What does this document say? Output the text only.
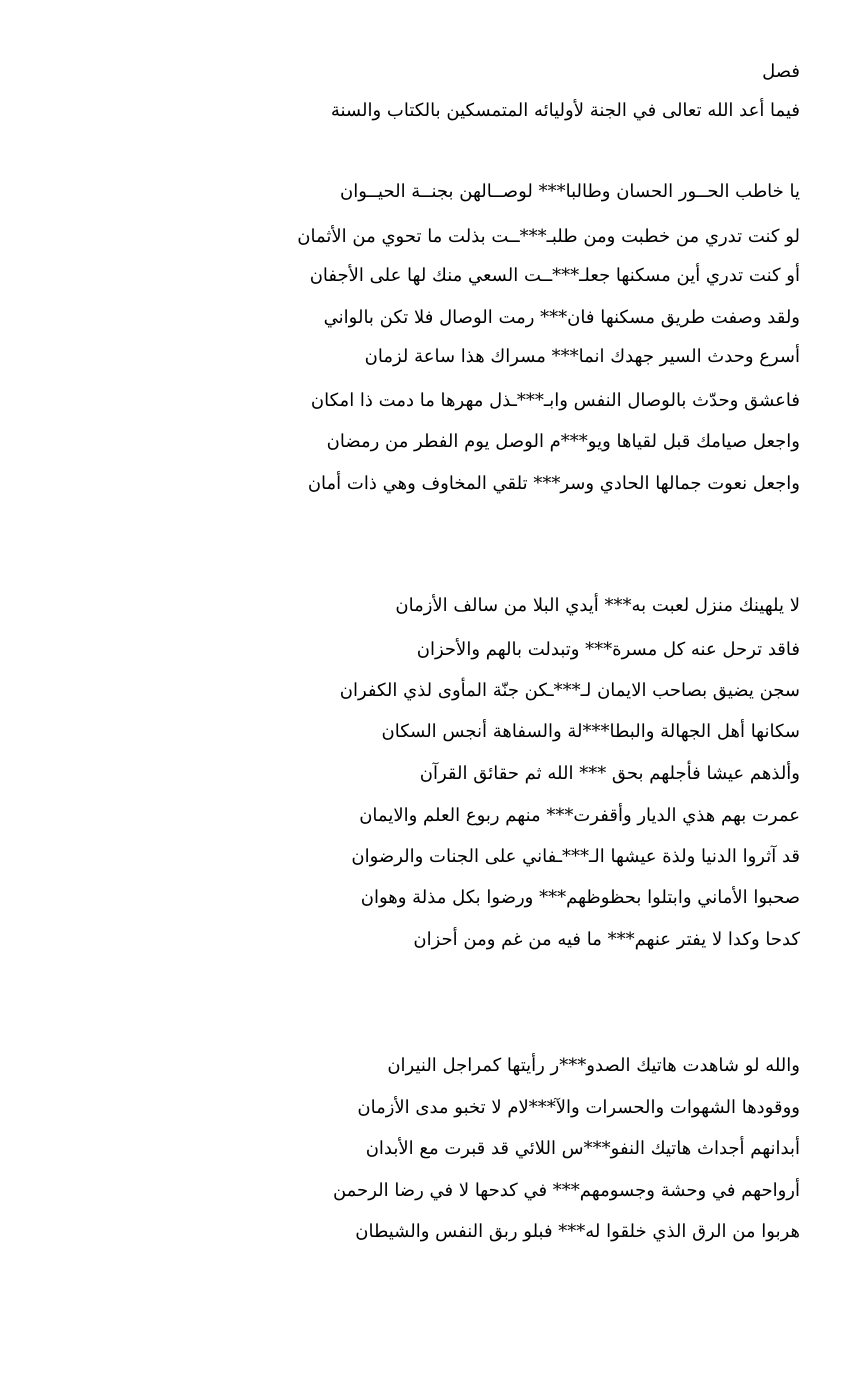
فصل
فيما أعد الله تعالى في الجنة لأوليائه المتمسكين بالكتاب والسنة
يا خاطب الحــور الحسان وطالبا*** لوصــالهن بجنــة الحيــوان
لو كنت تدري من خطبت ومن طلبـ***ــت بذلت ما تحوي من الأثمان
أو كنت تدري أين مسكنها جعلـ***ــت السعي منك لها على الأجفان
ولقد وصفت طريق مسكنها فان*** رمت الوصال فلا تكن بالواني
أسرع وحدث السير جهدك انما*** مسراك هذا ساعة لزمان
فاعشق وحدّث بالوصال النفس وابـ***ـذل مهرها ما دمت ذا امكان
واجعل صيامك قبل لقياها ويو***م الوصل يوم الفطر من رمضان
واجعل نعوت جمالها الحادي وسر*** تلقي المخاوف وهي ذات أمان
لا يلهينك منزل لعبت به*** أيدي البلا من سالف الأزمان
فاقد ترحل عنه كل مسرة*** وتبدلت بالهم والأحزان
سجن يضيق بصاحب الايمان لـ***ـكن جنّة المأوى لذي الكفران
سكانها أهل الجهالة والبطا***لة والسفاهة أنجس السكان
وألذهم عيشا فأجلهم بحق *** الله ثم حقائق القرآن
عمرت بهم هذي الديار وأقفرت*** منهم ربوع العلم والايمان
قد آثروا الدنيا ولذة عيشها الـ***ـفاني على الجنات والرضوان
صحبوا الأماني وابتلوا بحظوظهم*** ورضوا بكل مذلة وهوان
كدحا وكدا لا يفتر عنهم*** ما فيه من غم ومن أحزان
والله لو شاهدت هاتيك الصدو***ر رأيتها كمراجل النيران
ووقودها الشهوات والحسرات والآ***لام لا تخبو مدى الأزمان
أبدانهم أجداث هاتيك النفو***س اللائي قد قبرت مع الأبدان
أرواحهم في وحشة وجسومهم*** في كدحها لا في رضا الرحمن
هربوا من الرق الذي خلقوا له*** فبلو ربق النفس والشيطان
